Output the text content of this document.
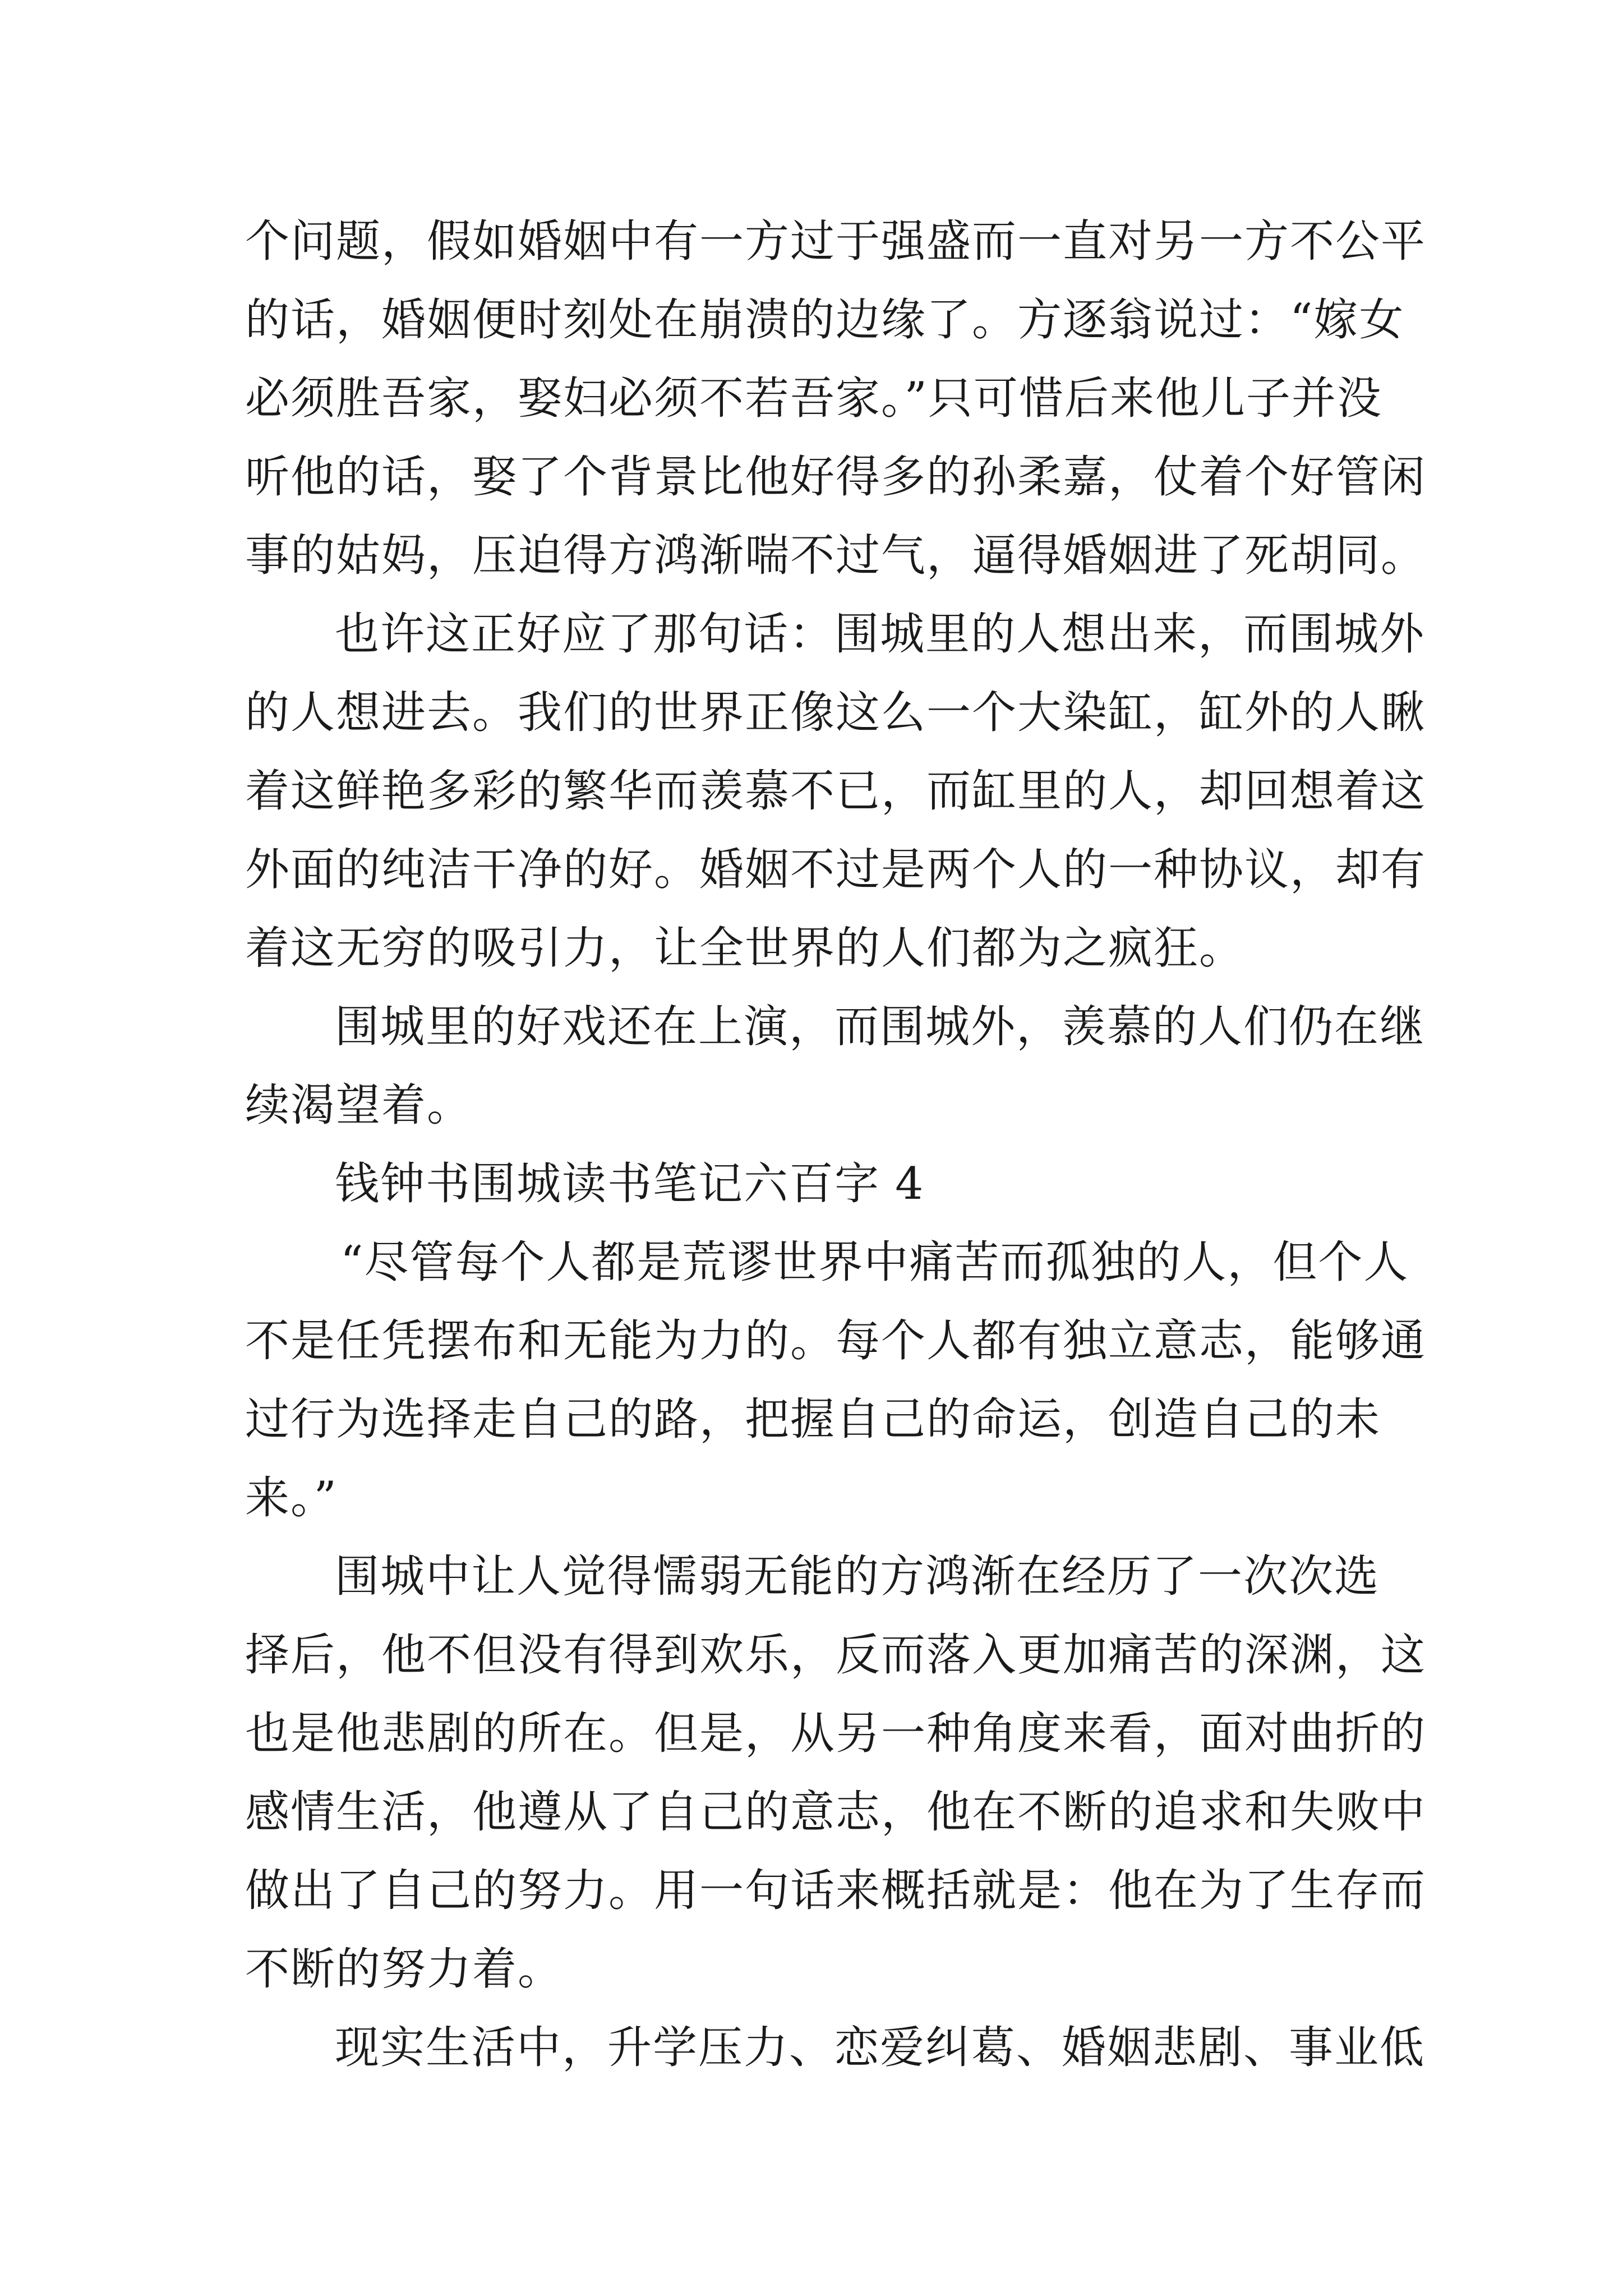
个问题，假如婚姻中有一方过于强盛而一直对另一方不公平
的话，婚姻便时刻处在崩溃的边缘了。方逐翁说过：“嫁女
必须胜吾家，娶妇必须不若吾家。”只可惜后来他儿子并没
听他的话，娶了个背景比他好得多的孙柔嘉，仗着个好管闲
事的姑妈，压迫得方鸿渐喘不过气，逼得婚姻进了死胡同。
也许这正好应了那句话：围城里的人想出来，而围城外
的人想进去。我们的世界正像这么一个大染缸，缸外的人瞅
着这鲜艳多彩的繁华而羡慕不已，而缸里的人，却回想着这
外面的纯洁干净的好。婚姻不过是两个人的一种协议，却有
着这无穷的吸引力，让全世界的人们都为之疯狂。
围城里的好戏还在上演，而围城外，羡慕的人们仍在继
续渴望着。
钱钟书围城读书笔记六百字 4
“尽管每个人都是荒谬世界中痛苦而孤独的人，但个人
不是任凭摆布和无能为力的。每个人都有独立意志，能够通
过行为选择走自己的路，把握自己的命运，创造自己的未
来。”
围城中让人觉得懦弱无能的方鸿渐在经历了一次次选
择后，他不但没有得到欢乐，反而落入更加痛苦的深渊，这
也是他悲剧的所在。但是，从另一种角度来看，面对曲折的
感情生活，他遵从了自己的意志，他在不断的追求和失败中
做出了自己的努力。用一句话来概括就是：他在为了生存而
不断的努力着。
现实生活中，升学压力、恋爱纠葛、婚姻悲剧、事业低
